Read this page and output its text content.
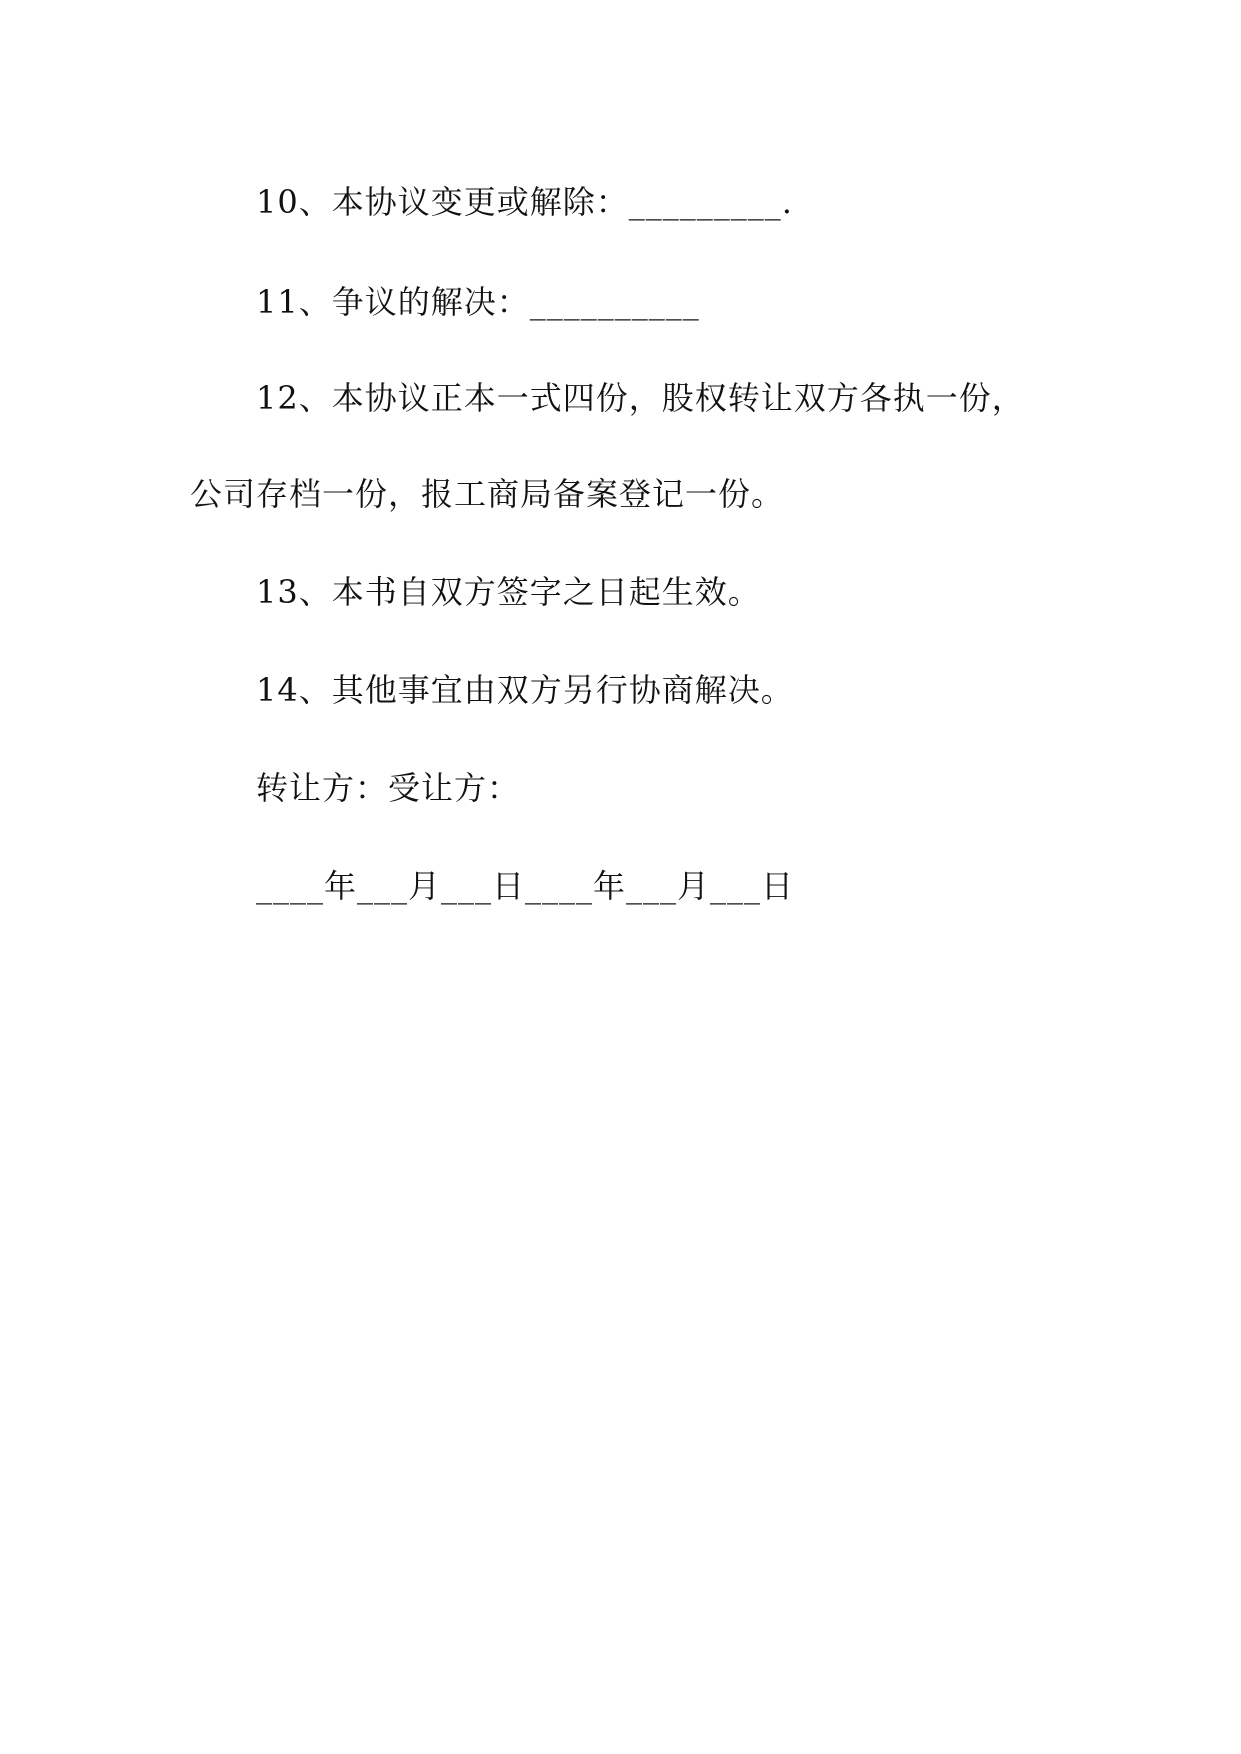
10、本协议变更或解除：_________.
11、争议的解决：__________
12、本协议正本一式四份，股权转让双方各执一份，
公司存档一份，报工商局备案登记一份。
13、本书自双方签字之日起生效。
14、其他事宜由双方另行协商解决。
转让方：受让方：
____年___月___日____年___月___日
